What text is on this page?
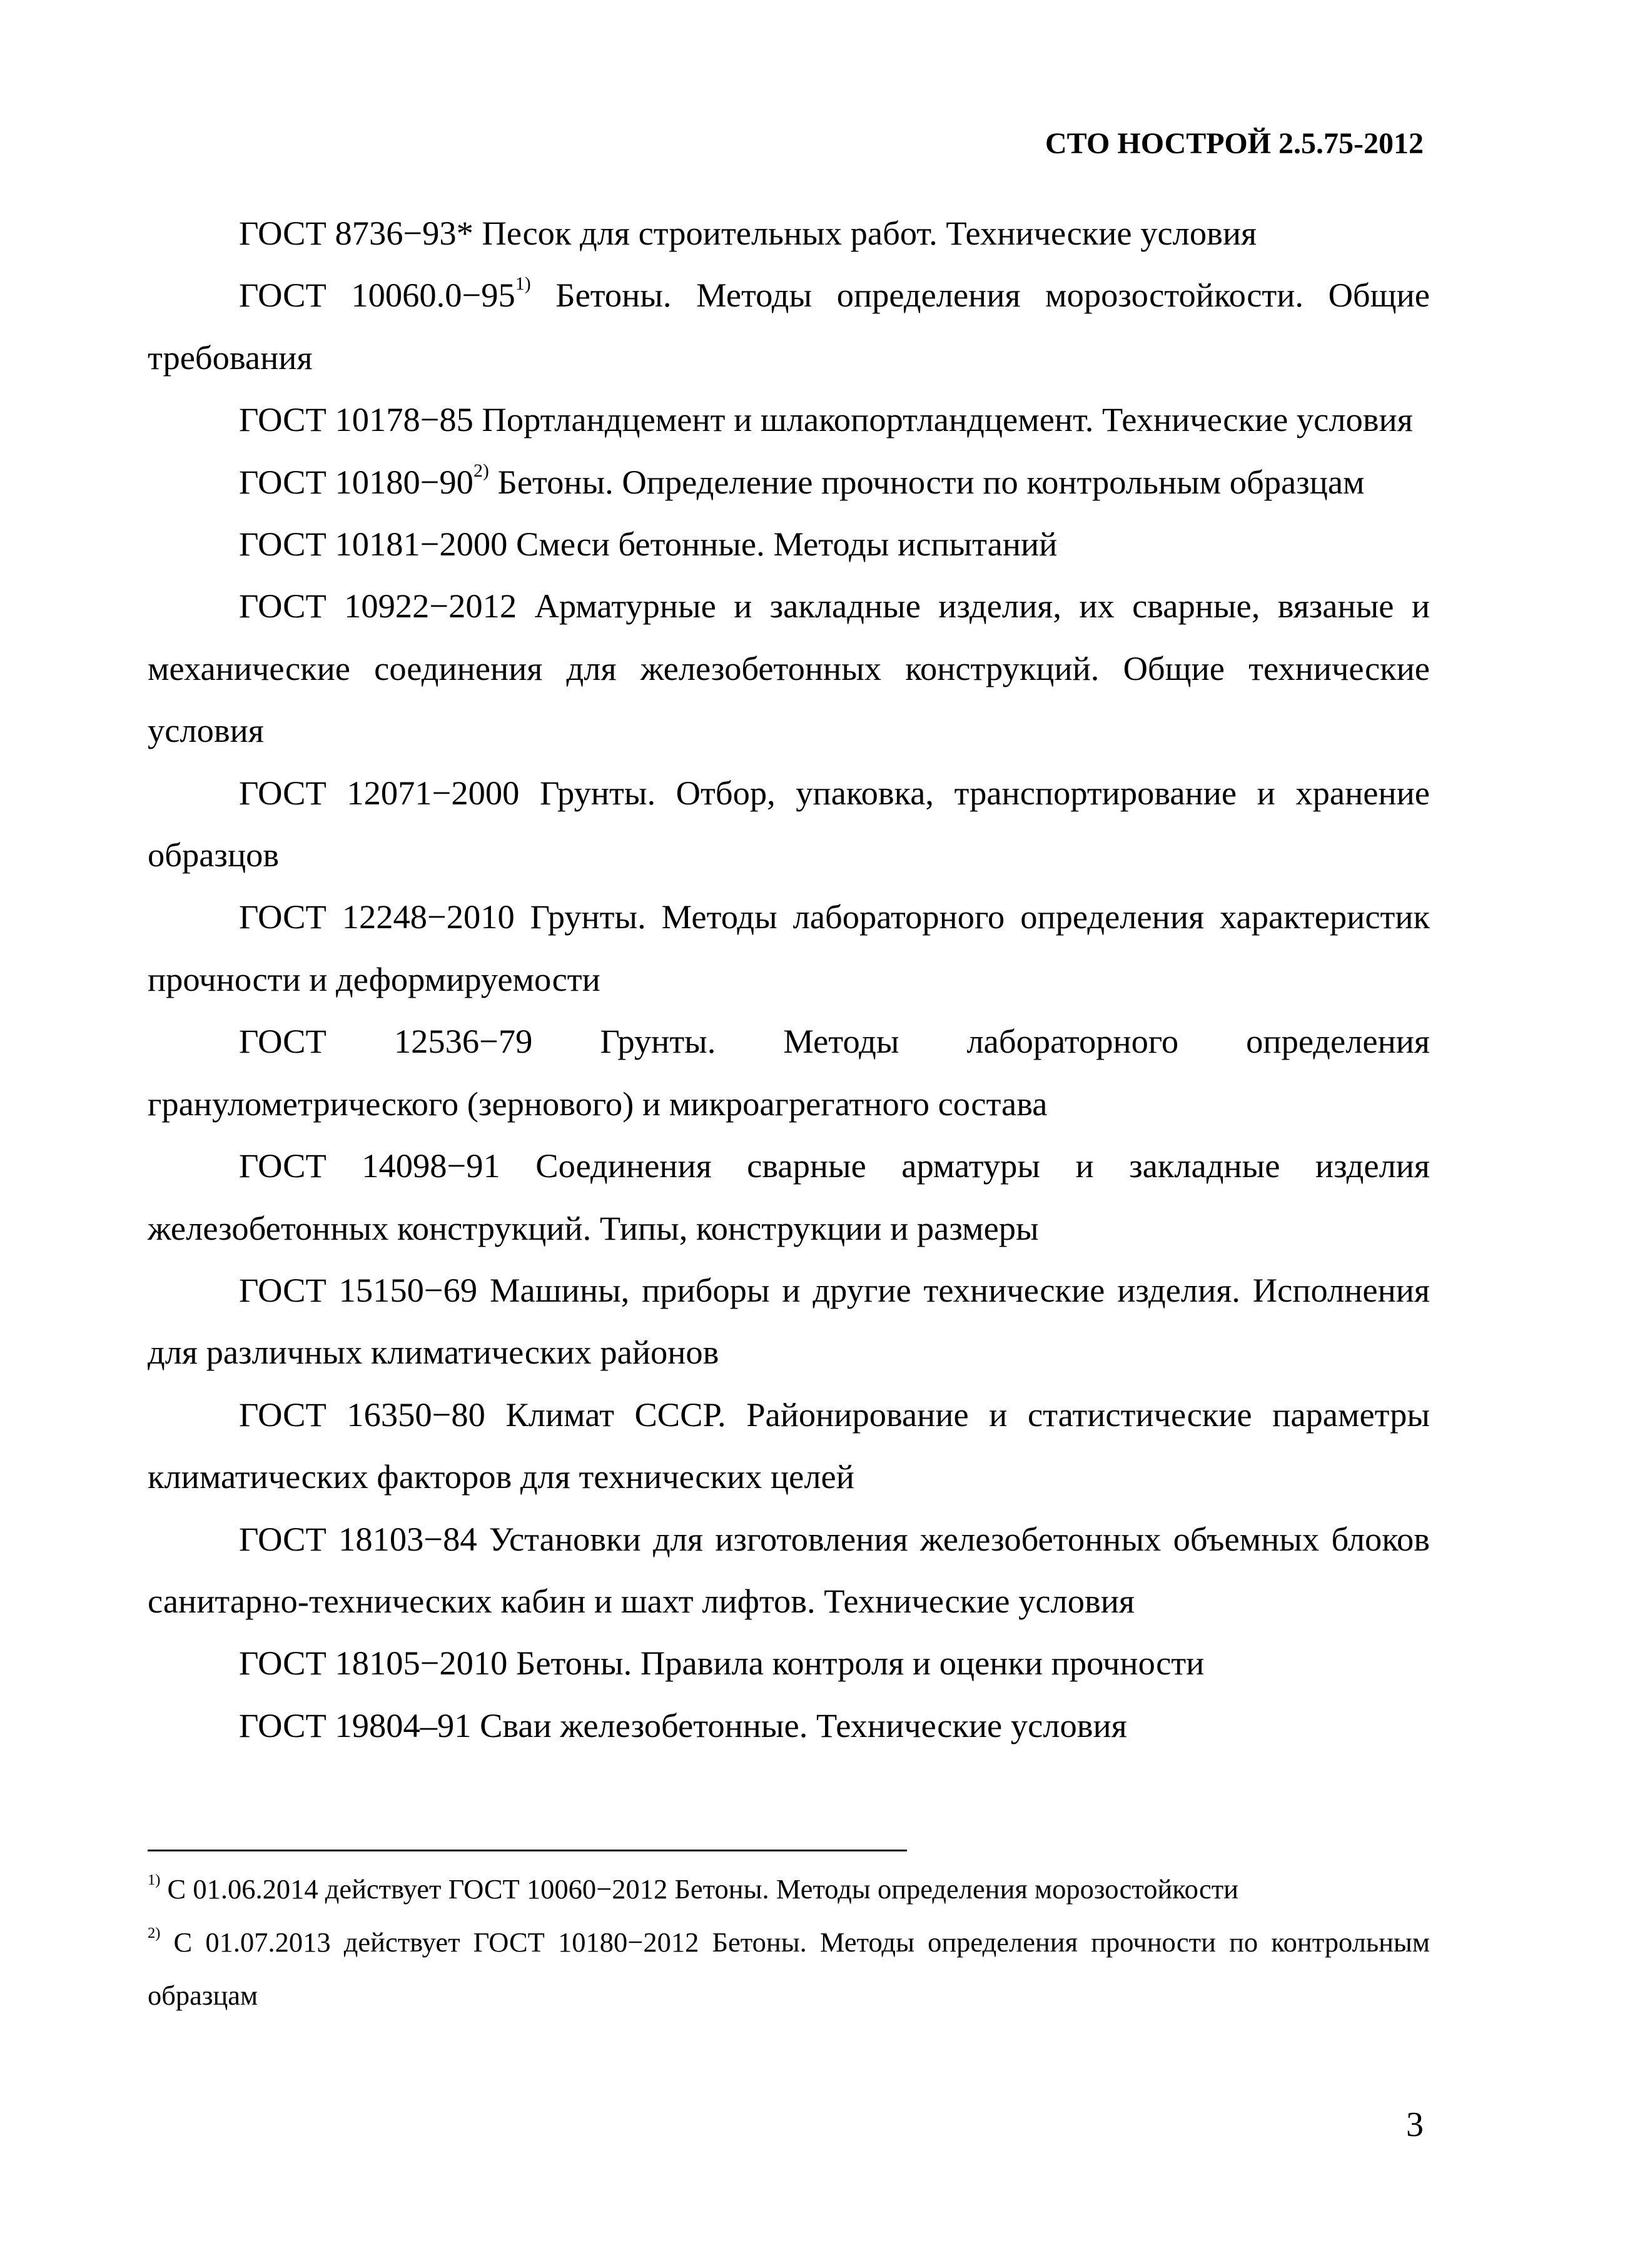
СТО НОСТРОЙ 2.5.75-2012

ГОСТ 8736−93* Песок для строительных работ. Технические условия

ГОСТ $10060.0-95^{1)}$ Бетоны. Методы определения морозостойкости. Общие требования

ГОСТ 10178−85 Портландцемент и шлакопортландцемент. Технические условия

ГОСТ $10180-90^{2)}$ Бетоны. Определение прочности по контрольным образцам

ГОСТ 10181−2000 Смеси бетонные. Методы испытаний

ГОСТ 10922−2012 Арматурные и закладные изделия, их сварные, вязаные и механические соединения для железобетонных конструкций. Общие технические условия

ГОСТ 12071−2000 Грунты. Отбор, упаковка, транспортирование и хранение образцов

ГОСТ 12248−2010 Грунты. Методы лабораторного определения характеристик прочности и деформируемости

ГОСТ 12536−79 Грунты. Методы лабораторного определения гранулометрического (зернового) и микроагрегатного состава

ГОСТ 14098−91 Соединения сварные арматуры и закладные изделия железобетонных конструкций. Типы, конструкции и размеры

ГОСТ 15150−69 Машины, приборы и другие технические изделия. Исполнения для различных климатических районов

ГОСТ 16350−80 Климат СССР. Районирование и статистические параметры климатических факторов для технических целей

ГОСТ 18103−84 Установки для изготовления железобетонных объемных блоков санитарно-технических кабин и шахт лифтов. Технические условия

ГОСТ 18105−2010 Бетоны. Правила контроля и оценки прочности

ГОСТ 19804–91 Сваи железобетонные. Технические условия

$^{1)}$ С 01.06.2014 действует ГОСТ 10060−2012 Бетоны. Методы определения морозостойкости

$^{2)}$ С 01.07.2013 действует ГОСТ 10180−2012 Бетоны. Методы определения прочности по контрольным образцам

3
